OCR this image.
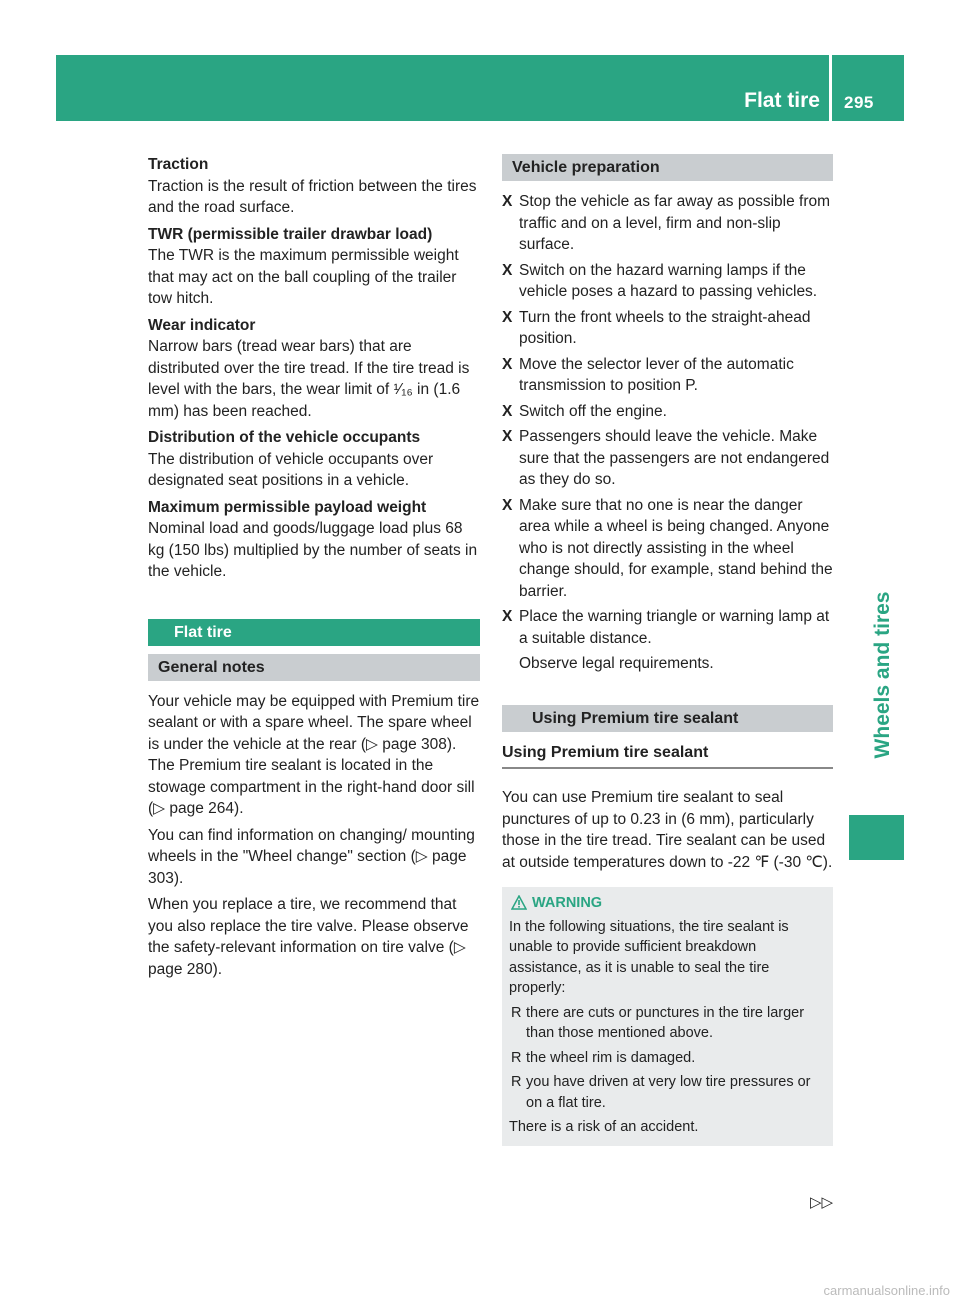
Flat tire 295
Wheels and tires

Traction

Traction is the result of friction between the tires and the road surface.

TWR (permissible trailer drawbar load)

The TWR is the maximum permissible weight that may act on the ball coupling of the trailer tow hitch.

Wear indicator

Narrow bars (tread wear bars) that are distributed over the tire tread. If the tire tread is level with the bars, the wear limit of ¹⁄₁₆ in (1.6 mm) has been reached.

Distribution of the vehicle occupants

The distribution of vehicle occupants over designated seat positions in a vehicle.

Maximum permissible payload weight

Nominal load and goods/luggage load plus 68 kg (150 lbs) multiplied by the number of seats in the vehicle.

Flat tire
General notes

Your vehicle may be equipped with Premium tire sealant or with a spare wheel. The spare wheel is under the vehicle at the rear (▷ page 308). The Premium tire sealant is located in the stowage compartment in the right-hand door sill (▷ page 264).

You can find information on changing/ mounting wheels in the "Wheel change" section (▷ page 303).

When you replace a tire, we recommend that you also replace the tire valve. Please observe the safety-relevant information on tire valve (▷ page 280).

Vehicle preparation
X Stop the vehicle as far away as possible from traffic and on a level, firm and non-slip surface.
X Switch on the hazard warning lamps if the vehicle poses a hazard to passing vehicles.
X Turn the front wheels to the straight-ahead position.
X Move the selector lever of the automatic transmission to position P.
X Switch off the engine.
X Passengers should leave the vehicle. Make sure that the passengers are not endangered as they do so.
X Make sure that no one is near the danger area while a wheel is being changed. Anyone who is not directly assisting in the wheel change should, for example, stand behind the barrier.
X Place the warning triangle or warning lamp at a suitable distance.

Observe legal requirements.

Using Premium tire sealant
Using Premium tire sealant

You can use Premium tire sealant to seal punctures of up to 0.23 in (6 mm), particularly those in the tire tread. Tire sealant can be used at outside temperatures down to -22 ℉ (-30 ℃).

WARNING

In the following situations, the tire sealant is unable to provide sufficient breakdown assistance, as it is unable to seal the tire properly:

R there are cuts or punctures in the tire larger than those mentioned above.
R the wheel rim is damaged.
R you have driven at very low tire pressures or on a flat tire.

There is a risk of an accident.

▷▷
carmanualsonline.info
